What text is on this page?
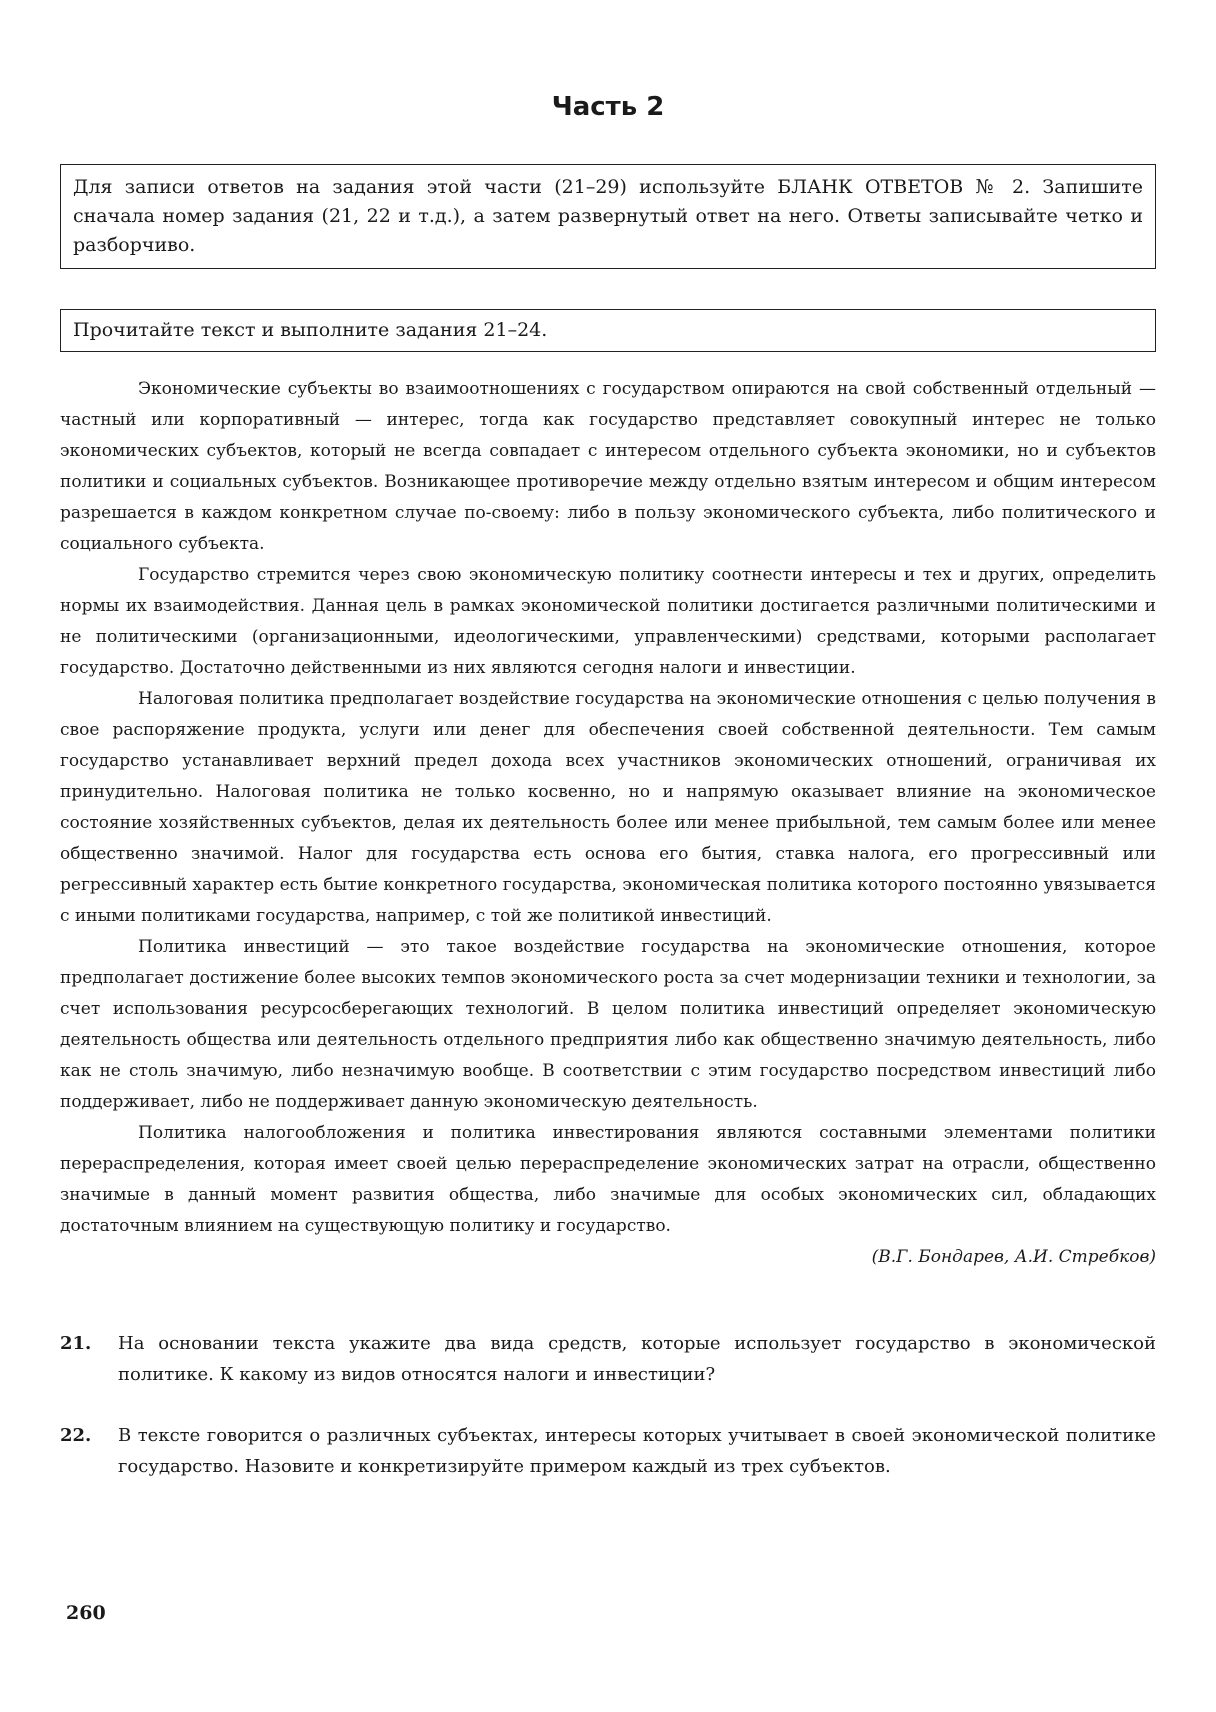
Часть 2
Для записи ответов на задания этой части (21–29) используйте БЛАНК ОТВЕТОВ № 2. Запишите сначала номер задания (21, 22 и т.д.), а затем развернутый ответ на него. Ответы записывайте четко и разборчиво.
Прочитайте текст и выполните задания 21–24.

Экономические субъекты во взаимоотношениях с государством опираются на свой собственный отдельный — частный или корпоративный — интерес, тогда как государство представляет совокупный интерес не только экономических субъектов, который не всегда совпадает с интересом отдельного субъекта экономики, но и субъектов политики и социальных субъектов. Возникающее противоречие между отдельно взятым интересом и общим интересом разрешается в каждом конкретном случае по-своему: либо в пользу экономического субъекта, либо политического и социального субъекта.

Государство стремится через свою экономическую политику соотнести интересы и тех и других, определить нормы их взаимодействия. Данная цель в рамках экономической политики достигается различными политическими и не политическими (организационными, идеологическими, управленческими) средствами, которыми располагает государство. Достаточно действенными из них являются сегодня налоги и инвестиции.

Налоговая политика предполагает воздействие государства на экономические отношения с целью получения в свое распоряжение продукта, услуги или денег для обеспечения своей собственной деятельности. Тем самым государство устанавливает верхний предел дохода всех участников экономических отношений, ограничивая их принудительно. Налоговая политика не только косвенно, но и напрямую оказывает влияние на экономическое состояние хозяйственных субъектов, делая их деятельность более или менее прибыльной, тем самым более или менее общественно значимой. Налог для государства есть основа его бытия, ставка налога, его прогрессивный или регрессивный характер есть бытие конкретного государства, экономическая политика которого постоянно увязывается с иными политиками государства, например, с той же политикой инвестиций.

Политика инвестиций — это такое воздействие государства на экономические отношения, которое предполагает достижение более высоких темпов экономического роста за счет модернизации техники и технологии, за счет использования ресурсосберегающих технологий. В целом политика инвестиций определяет экономическую деятельность общества или деятельность отдельного предприятия либо как общественно значимую деятельность, либо как не столь значимую, либо незначимую вообще. В соответствии с этим государство посредством инвестиций либо поддерживает, либо не поддерживает данную экономическую деятельность.

Политика налогообложения и политика инвестирования являются составными элементами политики перераспределения, которая имеет своей целью перераспределение экономических затрат на отрасли, общественно значимые в данный момент развития общества, либо значимые для особых экономических сил, обладающих достаточным влиянием на существующую политику и государство.

(В.Г. Бондарев, А.И. Стребков)
21.	На основании текста укажите два вида средств, которые использует государство в экономической политике. К какому из видов относятся налоги и инвестиции?
22.	В тексте говорится о различных субъектах, интересы которых учитывает в своей экономической политике государство. Назовите и конкретизируйте примером каждый из трех субъектов.
260
